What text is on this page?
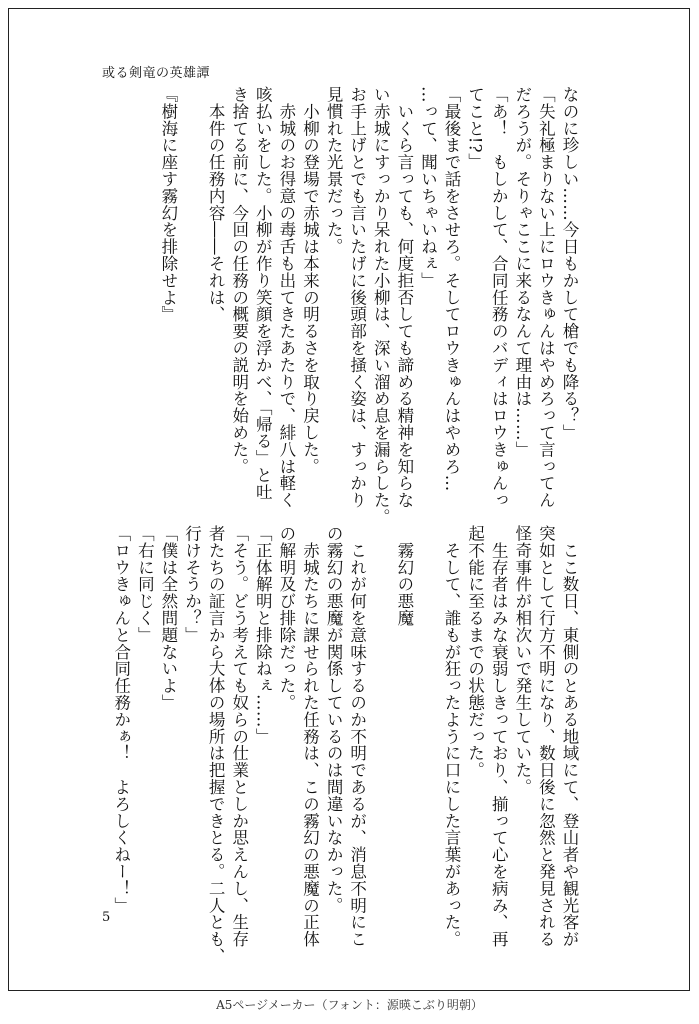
或る剣竜の英雄譚
なのに珍しい……今日もかして槍でも降る？」
「失礼極まりない上にロウきゅんはやめろって言ってん
だろうが。そりゃここに来るなんて理由は……」
「あ！　もしかして、合同任務のバディはロウきゅんっ
てこと!?」
「最後まで話をさせろ。そしてロウきゅんはやめろ…
…って、聞いちゃいねぇ」
　いくら言っても、何度拒否しても諦める精神を知らな
い赤城にすっかり呆れた小柳は、深い溜め息を漏らした。
お手上げとでも言いたげに後頭部を掻く姿は、すっかり
見慣れた光景だった。
　小柳の登場で赤城は本来の明るさを取り戻した。
　赤城のお得意の毒舌も出てきたあたりで、緋八は軽く
咳払いをした。小柳が作り笑顔を浮かべ、「帰る」と吐
き捨てる前に、今回の任務の概要の説明を始めた。
　本件の任務内容――それは、

『樹海に座す霧幻を排除せよ』
　ここ数日、東側のとある地域にて、登山者や観光客が
突如として行方不明になり、数日後に忽然と発見される
怪奇事件が相次いで発生していた。
　生存者はみな衰弱しきっており、揃って心を病み、再
起不能に至るまでの状態だった。
　そして、誰もが狂ったように口にした言葉があった。

　霧幻の悪魔

　これが何を意味するのか不明であるが、消息不明にこ
の霧幻の悪魔が関係しているのは間違いなかった。
　赤城たちに課せられた任務は、この霧幻の悪魔の正体
の解明及び排除だった。
「正体解明と排除ねぇ……」
「そう。どう考えても奴らの仕業としか思えんし、生存
者たちの証言から大体の場所は把握できとる。二人とも、
行けそうか？」
「僕は全然問題ないよ」
「右に同じく」
「ロウきゅんと合同任務かぁ！　よろしくねー！」
5
A5ページメーカー（フォント：源暎こぶり明朝）
